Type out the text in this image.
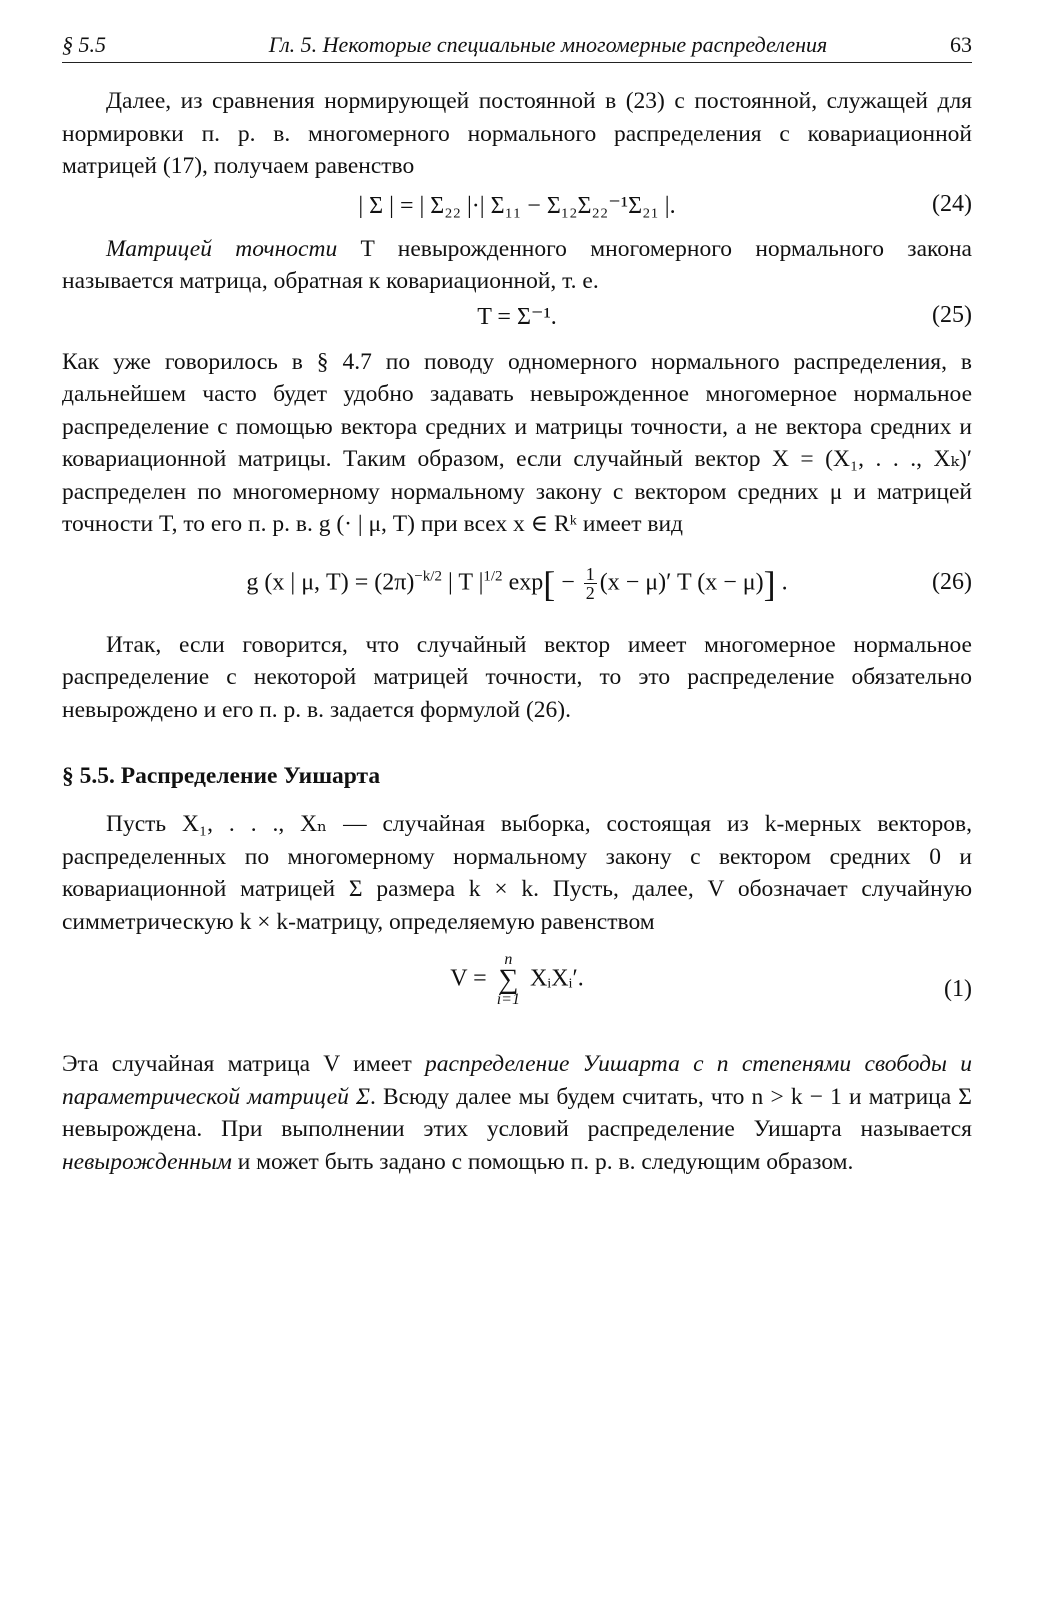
§ 5.5	Гл. 5. Некоторые специальные многомерные распределения	63

Далее, из сравнения нормирующей постоянной в (23) с постоянной, служащей для нормировки п. р. в. многомерного нормального распределения с ковариационной матрицей (17), получаем равенство

| Σ | = | Σ₂₂ |·| Σ₁₁ − Σ₁₂Σ₂₂⁻¹Σ₂₁ |.	(24)

Матрицей точности T невырожденного многомерного нормального закона называется матрица, обратная к ковариационной, т. е.

T = Σ⁻¹.	(25)

Как уже говорилось в § 4.7 по поводу одномерного нормального распределения, в дальнейшем часто будет удобно задавать невырожденное многомерное нормальное распределение с помощью вектора средних и матрицы точности, а не вектора средних и ковариационной матрицы. Таким образом, если случайный вектор X = (X₁, . . ., Xₖ)′ распределен по многомерному нормальному закону с вектором средних μ и матрицей точности T, то его п. р. в. g (· | μ, T) при всех x ∈ Rᵏ имеет вид

g (x | μ, $T) = (2\pi)^{-k/2}$ | T $|^{1/2}$ $\exp[ - \frac{1}{2} (x - \mu)'$ T (x − μ)] .	(26)

Итак, если говорится, что случайный вектор имеет многомерное нормальное распределение с некоторой матрицей точности, то это распределение обязательно невырождено и его п. р. в. задается формулой (26).

§ 5.5. Распределение Уишарта

Пусть X₁, . . ., Xₙ — случайная выборка, состоящая из k-мерных векторов, распределенных по многомерному нормальному закону с вектором средних 0 и ковариационной матрицей Σ размера k × k. Пусть, далее, V обозначает случайную симметрическую k × k-матрицу, определяемую равенством

V =
n
∑
i=1
XᵢXᵢ′.	(1)

Эта случайная матрица V имеет распределение Уишарта с n степенями свободы и параметрической матрицей Σ. Всюду далее мы будем считать, что n > k − 1 и матрица Σ невырождена. При выполнении этих условий распределение Уишарта называется невырожденным и может быть задано с помощью п. р. в. следующим образом.
